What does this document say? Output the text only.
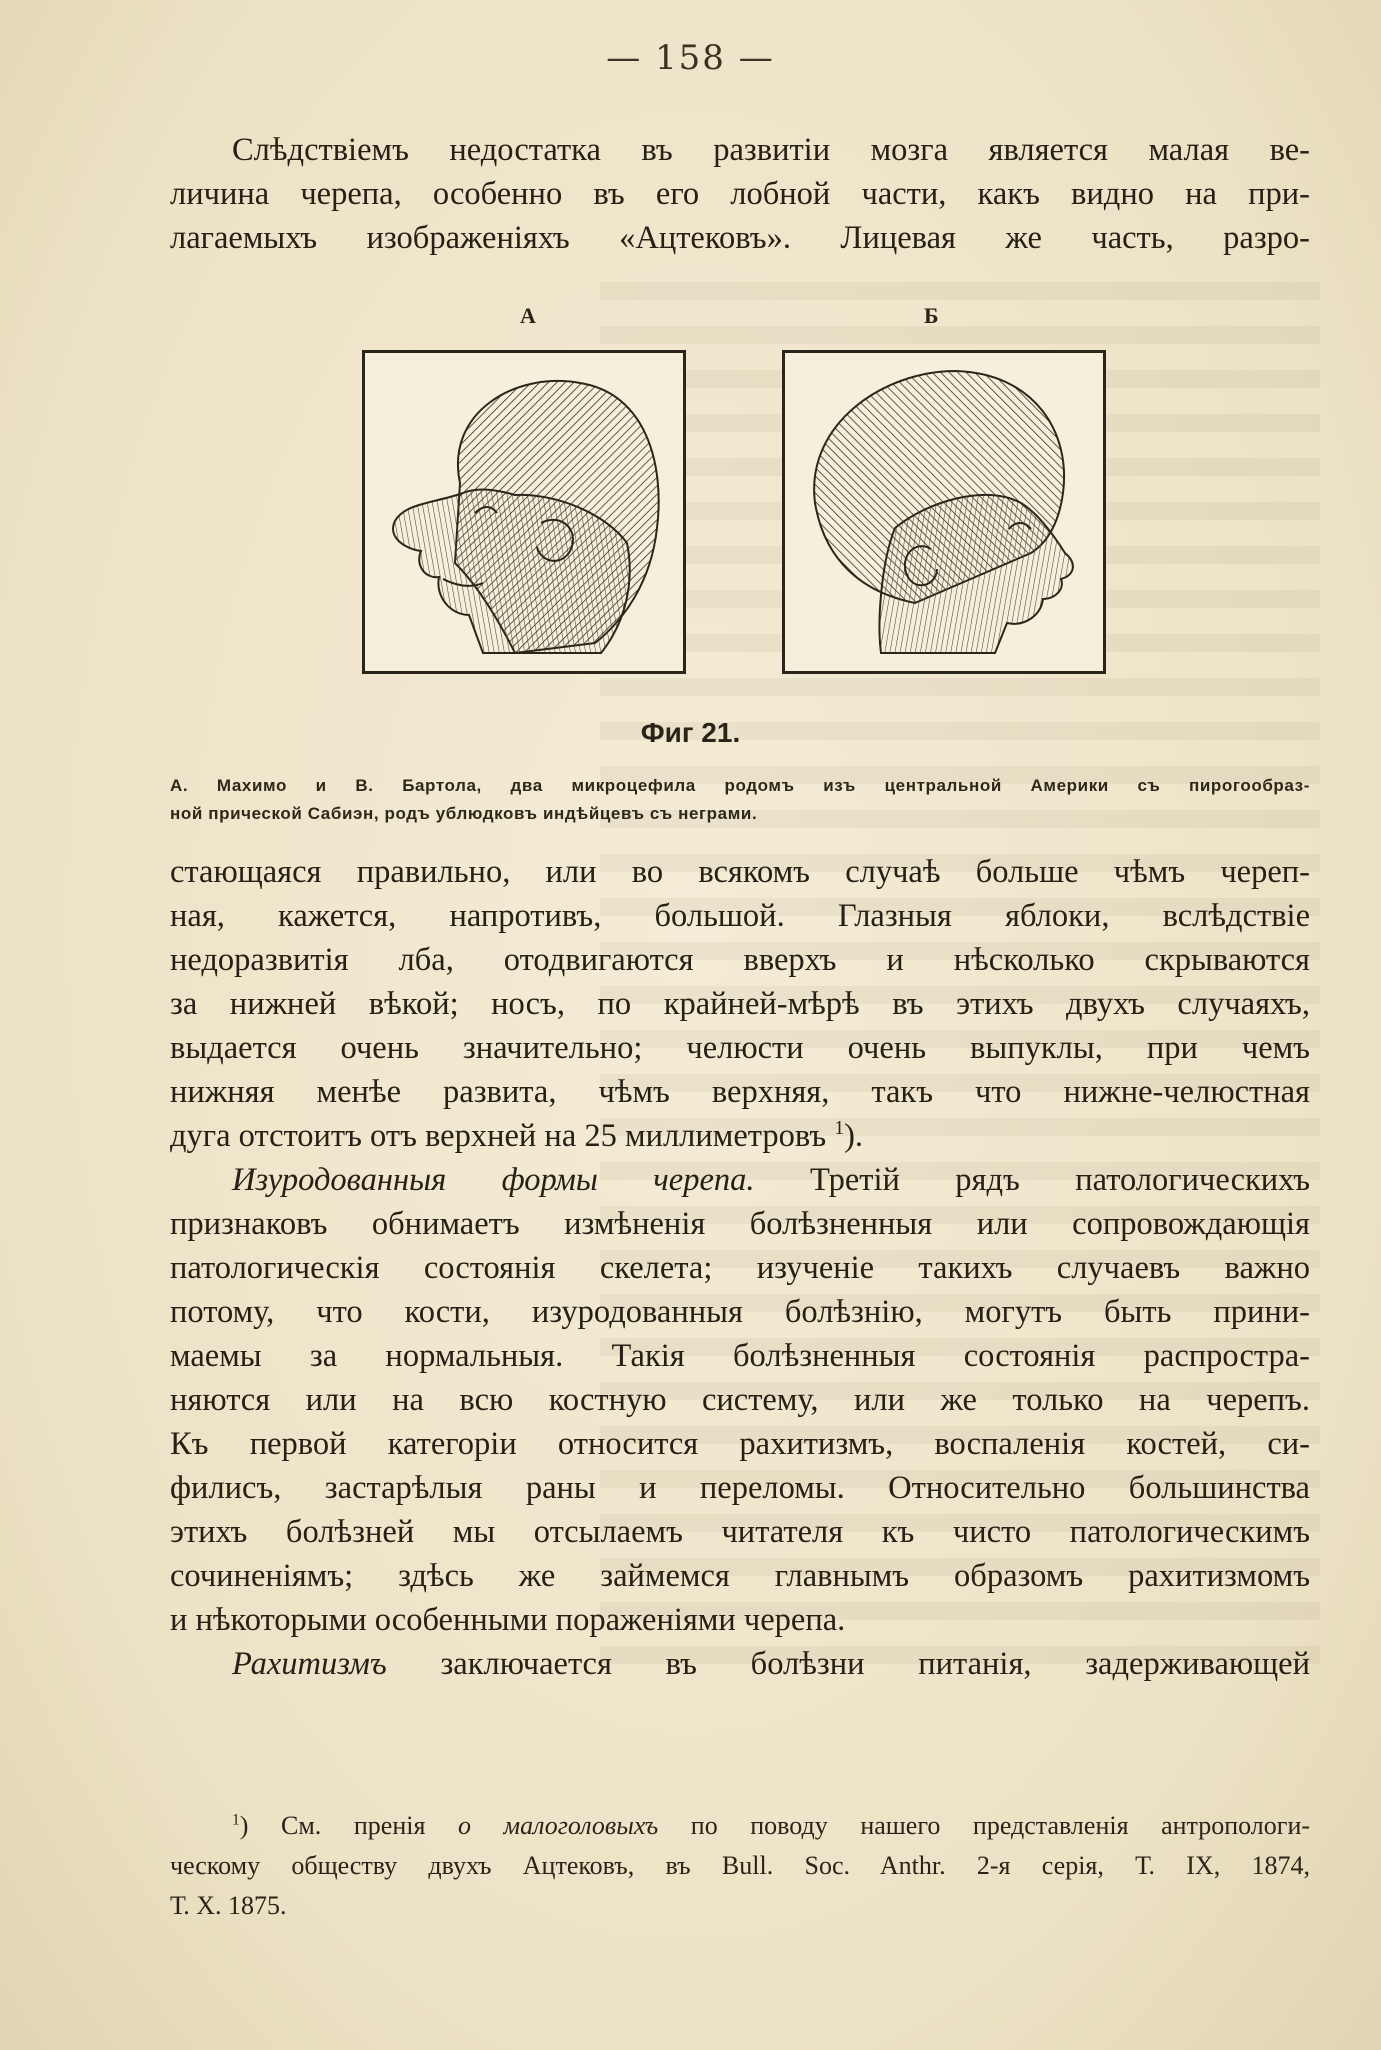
— 158 —
Слѣдствіемъ недостатка въ развитіи мозга является малая ве-
личина черепа, особенно въ его лобной части, какъ видно на при-
лагаемыхъ изображеніяхъ «Ацтековъ». Лицевая же часть, разро-
A	Б
Фиг 21.
А. Махимо и В. Бартола, два микроцефила родомъ изъ центральной Америки съ пирогообраз-
ной прической Сабиэн, родъ ублюдковъ индѣйцевъ съ неграми.
стающаяся правильно, или во всякомъ случаѣ больше чѣмъ череп-
ная, кажется, напротивъ, большой. Глазныя яблоки, вслѣдствіе
недоразвитія лба, отодвигаются вверхъ и нѣсколько скрываются
за нижней вѣкой; носъ, по крайней-мѣрѣ въ этихъ двухъ случаяхъ,
выдается очень значительно; челюсти очень выпуклы, при чемъ
нижняя менѣе развита, чѣмъ верхняя, такъ что нижне-челюстная
дуга отстоитъ отъ верхней на 25 миллиметровъ $^1$).
Изуродованныя формы черепа. Третій рядъ патологическихъ
признаковъ обнимаетъ измѣненія болѣзненныя или сопровождающія
патологическія состоянія скелета; изученіе такихъ случаевъ важно
потому, что кости, изуродованныя болѣзнію, могутъ быть прини-
маемы за нормальныя. Такія болѣзненныя состоянія распростра-
няются или на всю костную систему, или же только на черепъ.
Къ первой категоріи относится рахитизмъ, воспаленія костей, си-
филисъ, застарѣлыя раны и переломы. Относительно большинства
этихъ болѣзней мы отсылаемъ читателя къ чисто патологическимъ
сочиненіямъ; здѣсь же займемся главнымъ образомъ рахитизмомъ
и нѣкоторыми особенными пораженіями черепа.
Рахитизмъ заключается въ болѣзни питанія, задерживающей
$^1$) См. пренія о малоголовыхъ по поводу нашего представленія антропологи-
ческому обществу двухъ Ацтековъ, въ Bull. Soc. Anthr. 2-я серія, Т. IX, 1874,
Т. X. 1875.
